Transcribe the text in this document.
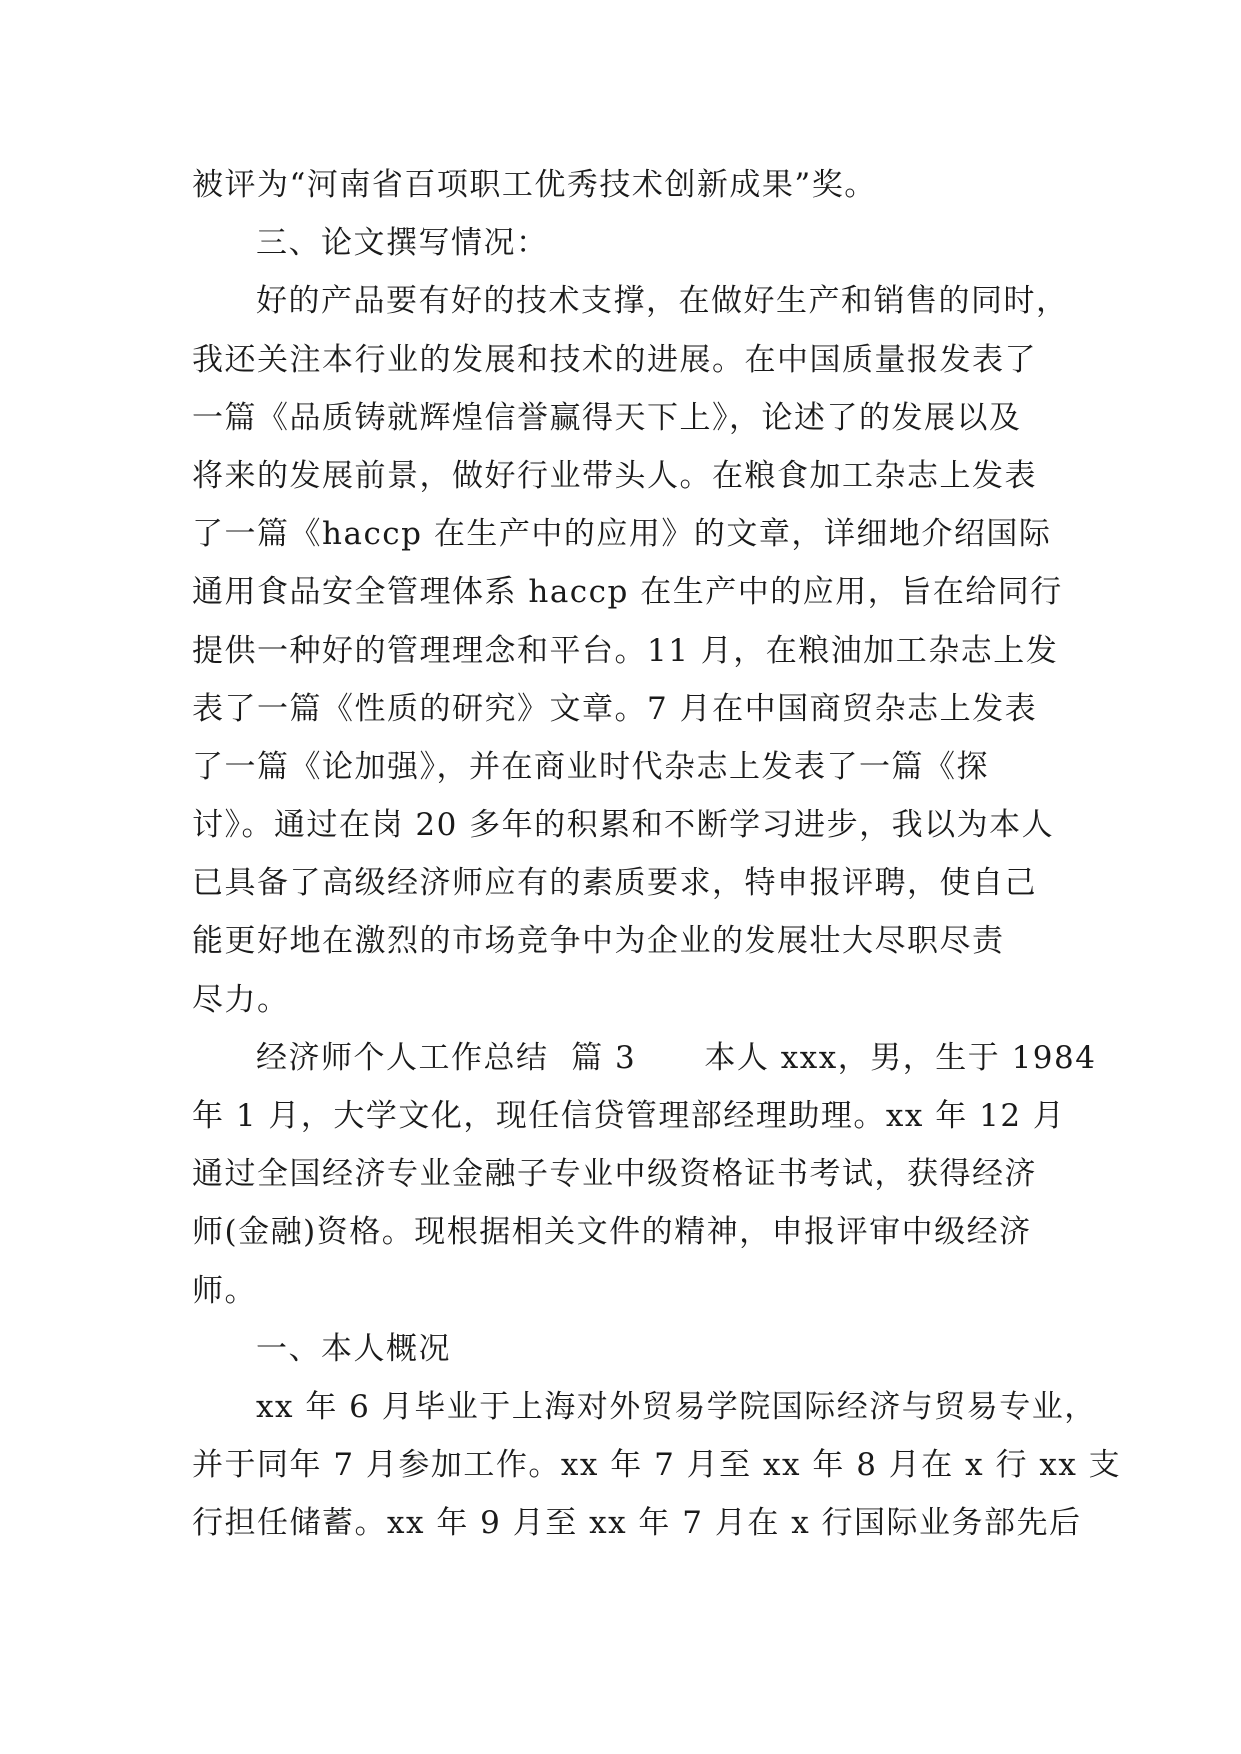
被评为“河南省百项职工优秀技术创新成果”奖。
三、论文撰写情况：
好的产品要有好的技术支撑，在做好生产和销售的同时，
我还关注本行业的发展和技术的进展。在中国质量报发表了
一篇《品质铸就辉煌信誉赢得天下上》，论述了的发展以及
将来的发展前景，做好行业带头人。在粮食加工杂志上发表
了一篇《haccp 在生产中的应用》的文章，详细地介绍国际
通用食品安全管理体系 haccp 在生产中的应用，旨在给同行
提供一种好的管理理念和平台。11 月，在粮油加工杂志上发
表了一篇《性质的研究》文章。7 月在中国商贸杂志上发表
了一篇《论加强》，并在商业时代杂志上发表了一篇《探
讨》。通过在岗 20 多年的积累和不断学习进步，我以为本人
已具备了高级经济师应有的素质要求，特申报评聘，使自己
能更好地在激烈的市场竞争中为企业的发展壮大尽职尽责
尽力。
经济师个人工作总结  篇 3      本人 xxx，男，生于 1984
年 1 月，大学文化，现任信贷管理部经理助理。xx 年 12 月
通过全国经济专业金融子专业中级资格证书考试，获得经济
师(金融)资格。现根据相关文件的精神，申报评审中级经济
师。
一、本人概况
xx 年 6 月毕业于上海对外贸易学院国际经济与贸易专业，
并于同年 7 月参加工作。xx 年 7 月至 xx 年 8 月在 x 行 xx 支
行担任储蓄。xx 年 9 月至 xx 年 7 月在 x 行国际业务部先后
